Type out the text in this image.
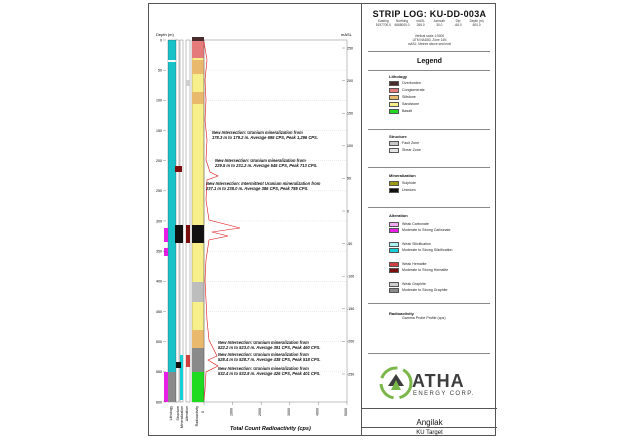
Depth (m)	mASL
0
50
100
150
200
250
300
350
400
450
500
550
600
250
200
150
100
50
0
-50
-100
-150
-200
-250
0	1000	2000	3000	4000	5000
Lithology Structure Mineralization Alteration Radioactivity
Total Count Radioactivity (cps)
New Intersection: Uranium mineralization from
178.3 m to 179.2 m. Average 695 CPS, Peak 1,296 CPS.
New Intersection: Uranium mineralization from
229.5 m to 231.2 m. Average 545 CPS, Peak 713 CPS.
New Intersection: Intermittent Uranium mineralization from
237.1 m to 238.0 m. Average 386 CPS, Peak 785 CPS.
New Intersection: Uranium mineralization from
522.2 m to 523.0 m. Average 391 CPS, Peak 460 CPS.
New Intersection: Uranium mineralization from
528.4 m to 528.7 m. Average 438 CPS, Peak 518 CPS.
New Intersection: Uranium mineralization from
532.4 m to 532.8 m. Average 426 CPS, Peak 401 CPS.
STRIP LOG: KU-DD-003A
Easting	Northing	mASL	Azimuth	Dip	Depth (m)
5197700.0	6668000.0	266.0	30.0	-66.0	600.0
Vertical scale 1:5000
UTM NAD83, Zone 14N
mASL: Metres above sea level
Legend
Lithology
Overburden
Conglomerate
Siltstone
Sandstone
Basalt
Structure
Fault Zone
Shear Zone
Mineralization
Sulphide
Uranium
Alteration
Weak Carbonate
Moderate to Strong Carbonate
Weak Silicification
Moderate to Strong Silicification
Weak Hematite
Moderate to Strong Hematite
Weak Graphite
Moderate to Strong Graphite
Radioactivity
Gamma Probe Profile (cps)
ATHA
ENERGY CORP.
Angilak
KU Target
